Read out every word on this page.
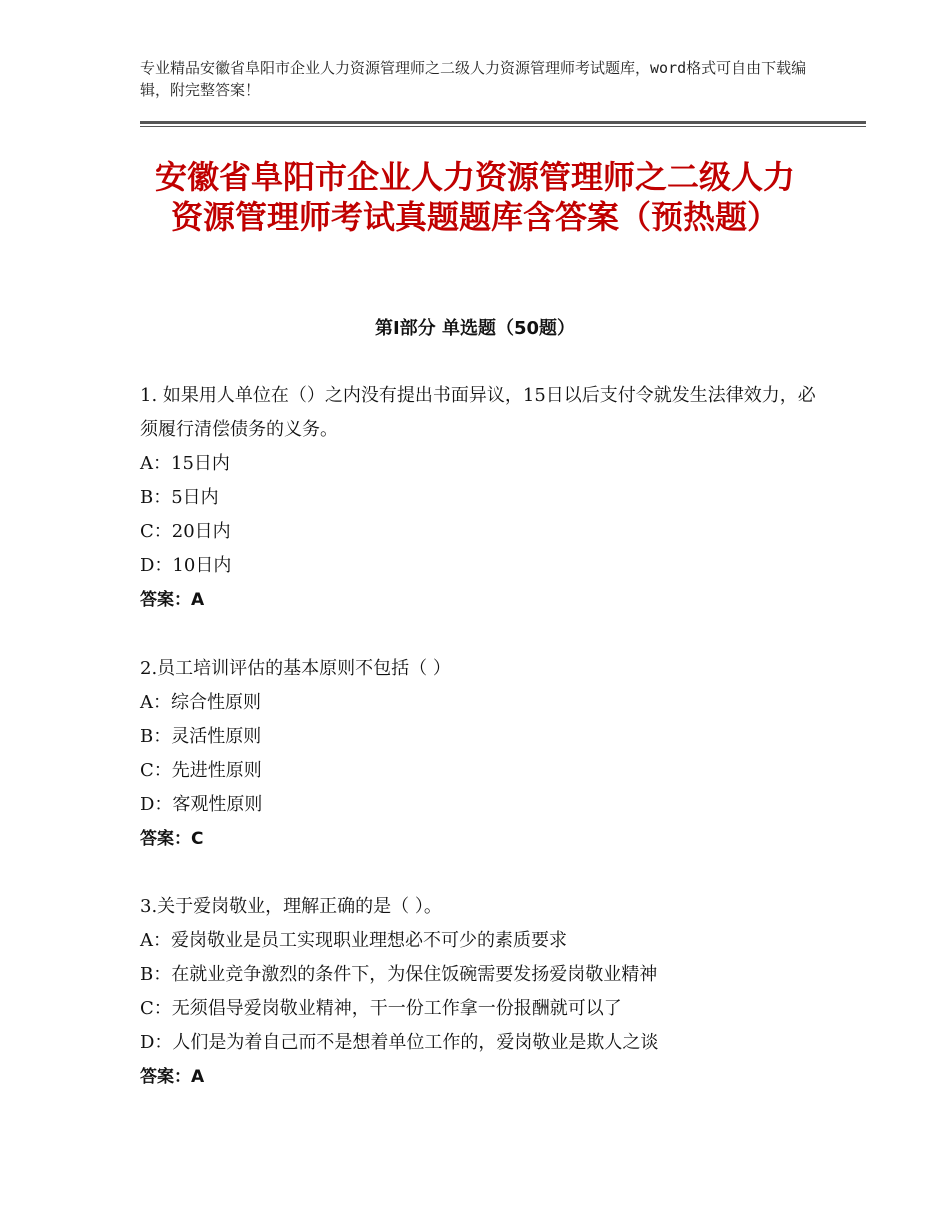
专业精品安徽省阜阳市企业人力资源管理师之二级人力资源管理师考试题库，word格式可自由下载编辑，附完整答案！
安徽省阜阳市企业人力资源管理师之二级人力资源管理师考试真题题库含答案（预热题）
第Ⅰ部分 单选题（50题）

1. 如果用人单位在（）之内没有提出书面异议，15日以后支付令就发生法律效力，必须履行清偿债务的义务。

A：15日内

B：5日内

C：20日内

D：10日内

答案：A

2.员工培训评估的基本原则不包括（ ）

A：综合性原则

B：灵活性原则

C：先进性原则

D：客观性原则

答案：C

3.关于爱岗敬业，理解正确的是（ ）。

A：爱岗敬业是员工实现职业理想必不可少的素质要求

B：在就业竞争激烈的条件下，为保住饭碗需要发扬爱岗敬业精神

C：无须倡导爱岗敬业精神，干一份工作拿一份报酬就可以了

D：人们是为着自己而不是想着单位工作的，爱岗敬业是欺人之谈

答案：A
